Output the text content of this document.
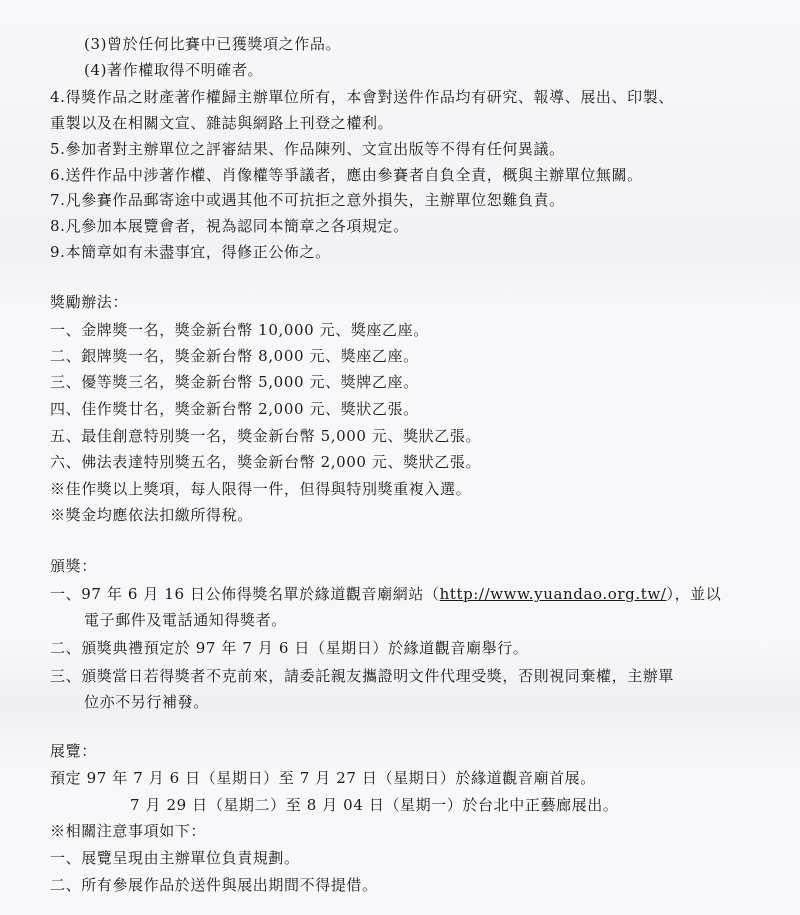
(3)曾於任何比賽中已獲獎項之作品。
(4)著作權取得不明確者。
4.得獎作品之財產著作權歸主辦單位所有，本會對送件作品均有研究、報導、展出、印製、
重製以及在相關文宣、雜誌與網路上刊登之權利。
5.參加者對主辦單位之評審結果、作品陳列、文宣出版等不得有任何異議。
6.送件作品中涉著作權、肖像權等爭議者，應由參賽者自負全責，概與主辦單位無關。
7.凡參賽作品郵寄途中或遇其他不可抗拒之意外損失，主辦單位恕難負責。
8.凡參加本展覽會者，視為認同本簡章之各項規定。
9.本簡章如有未盡事宜，得修正公佈之。
獎勵辦法：
一、金牌獎一名，獎金新台幣 10,000 元、獎座乙座。
二、銀牌獎一名，獎金新台幣 8,000 元、獎座乙座。
三、優等獎三名，獎金新台幣 5,000 元、獎牌乙座。
四、佳作獎廿名，獎金新台幣 2,000 元、獎狀乙張。
五、最佳創意特別獎一名，獎金新台幣 5,000 元、獎狀乙張。
六、佛法表達特別獎五名，獎金新台幣 2,000 元、獎狀乙張。
※佳作獎以上獎項，每人限得一件，但得與特別獎重複入選。
※獎金均應依法扣繳所得稅。
頒獎：
一、97 年 6 月 16 日公佈得獎名單於緣道觀音廟網站（http://www.yuandao.org.tw/），並以
電子郵件及電話通知得獎者。
二、頒獎典禮預定於 97 年 7 月 6 日（星期日）於緣道觀音廟舉行。
三、頒獎當日若得獎者不克前來，請委託親友攜證明文件代理受獎，否則視同棄權，主辦單
位亦不另行補發。
展覽：
預定 97 年 7 月 6 日（星期日）至 7 月 27 日（星期日）於緣道觀音廟首展。
7 月 29 日（星期二）至 8 月 04 日（星期一）於台北中正藝廊展出。
※相關注意事項如下：
一、展覽呈現由主辦單位負責規劃。
二、所有參展作品於送件與展出期間不得提借。
